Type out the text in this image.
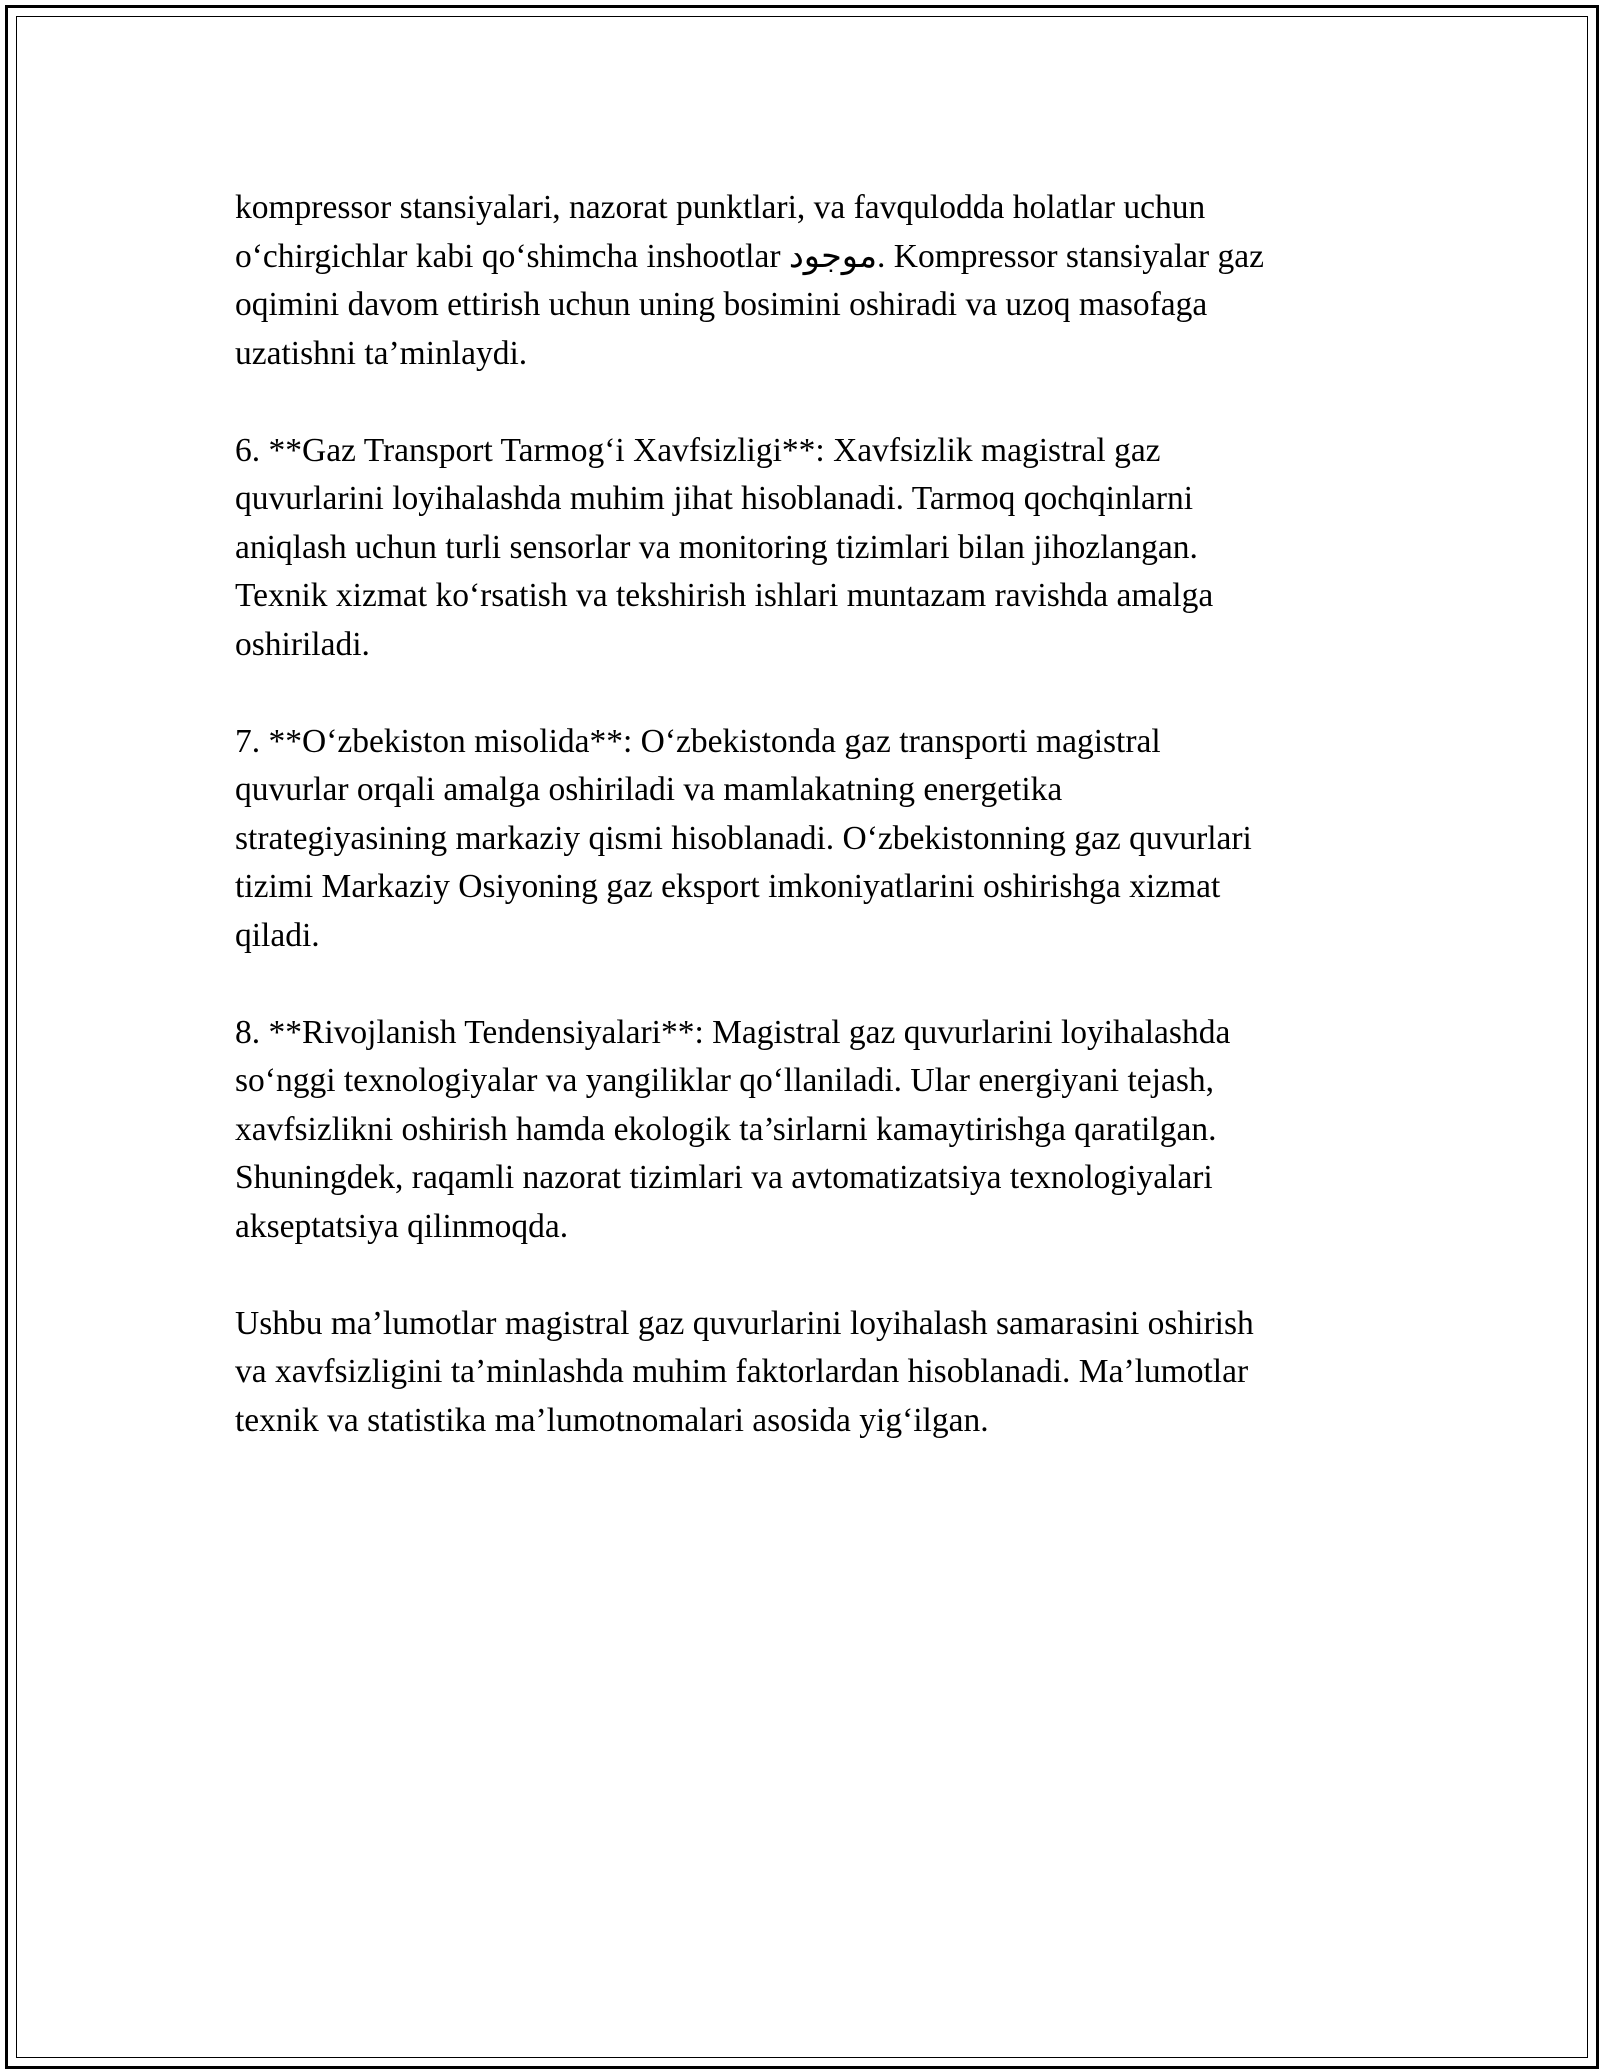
kompressor stansiyalari, nazorat punktlari, va favqulodda holatlar uchun
o‘chirgichlar kabi qo‘shimcha inshootlar موجود. Kompressor stansiyalar gaz
oqimini davom ettirish uchun uning bosimini oshiradi va uzoq masofaga
uzatishni ta’minlaydi.

6. **Gaz Transport Tarmog‘i Xavfsizligi**: Xavfsizlik magistral gaz
quvurlarini loyihalashda muhim jihat hisoblanadi. Tarmoq qochqinlarni
aniqlash uchun turli sensorlar va monitoring tizimlari bilan jihozlangan.
Texnik xizmat ko‘rsatish va tekshirish ishlari muntazam ravishda amalga
oshiriladi.

7. **O‘zbekiston misolida**: O‘zbekistonda gaz transporti magistral
quvurlar orqali amalga oshiriladi va mamlakatning energetika
strategiyasining markaziy qismi hisoblanadi. O‘zbekistonning gaz quvurlari
tizimi Markaziy Osiyoning gaz eksport imkoniyatlarini oshirishga xizmat
qiladi.

8. **Rivojlanish Tendensiyalari**: Magistral gaz quvurlarini loyihalashda
so‘nggi texnologiyalar va yangiliklar qo‘llaniladi. Ular energiyani tejash,
xavfsizlikni oshirish hamda ekologik ta’sirlarni kamaytirishga qaratilgan.
Shuningdek, raqamli nazorat tizimlari va avtomatizatsiya texnologiyalari
akseptatsiya qilinmoqda.

Ushbu ma’lumotlar magistral gaz quvurlarini loyihalash samarasini oshirish
va xavfsizligini ta’minlashda muhim faktorlardan hisoblanadi. Ma’lumotlar
texnik va statistika ma’lumotnomalari asosida yig‘ilgan.
